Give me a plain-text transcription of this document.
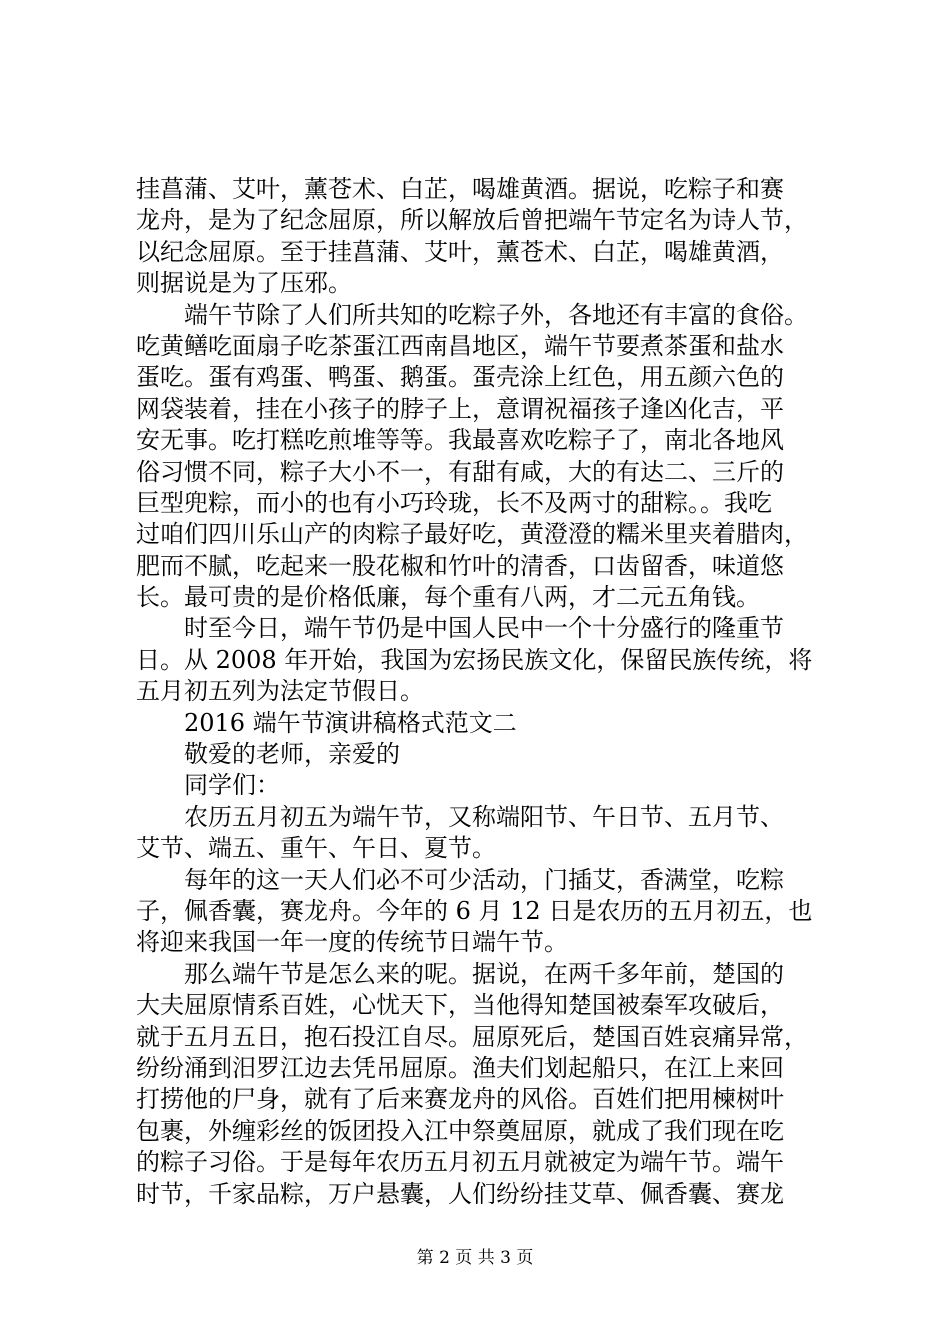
挂菖蒲、艾叶，薰苍术、白芷，喝雄黄酒。据说，吃粽子和赛
龙舟，是为了纪念屈原，所以解放后曾把端午节定名为诗人节，
以纪念屈原。至于挂菖蒲、艾叶，薰苍术、白芷，喝雄黄酒，
则据说是为了压邪。
端午节除了人们所共知的吃粽子外，各地还有丰富的食俗。
吃黄鳝吃面扇子吃茶蛋江西南昌地区，端午节要煮茶蛋和盐水
蛋吃。蛋有鸡蛋、鸭蛋、鹅蛋。蛋壳涂上红色，用五颜六色的
网袋装着，挂在小孩子的脖子上，意谓祝福孩子逢凶化吉，平
安无事。吃打糕吃煎堆等等。我最喜欢吃粽子了，南北各地风
俗习惯不同，粽子大小不一，有甜有咸，大的有达二、三斤的
巨型兜粽，而小的也有小巧玲珑，长不及两寸的甜粽。。我吃
过咱们四川乐山产的肉粽子最好吃，黄澄澄的糯米里夹着腊肉，
肥而不腻，吃起来一股花椒和竹叶的清香，口齿留香，味道悠
长。最可贵的是价格低廉，每个重有八两，才二元五角钱。
时至今日，端午节仍是中国人民中一个十分盛行的隆重节
日。从 2008 年开始，我国为宏扬民族文化，保留民族传统，将
五月初五列为法定节假日。
2016 端午节演讲稿格式范文二
敬爱的老师，亲爱的
同学们：
农历五月初五为端午节，又称端阳节、午日节、五月节、
艾节、端五、重午、午日、夏节。
每年的这一天人们必不可少活动，门插艾，香满堂，吃粽
子，佩香囊，赛龙舟。今年的 6 月 12 日是农历的五月初五，也
将迎来我国一年一度的传统节日端午节。
那么端午节是怎么来的呢。据说，在两千多年前，楚国的
大夫屈原情系百姓，心忧天下，当他得知楚国被秦军攻破后，
就于五月五日，抱石投江自尽。屈原死后，楚国百姓哀痛异常，
纷纷涌到汨罗江边去凭吊屈原。渔夫们划起船只，在江上来回
打捞他的尸身，就有了后来赛龙舟的风俗。百姓们把用楝树叶
包裹，外缠彩丝的饭团投入江中祭奠屈原，就成了我们现在吃
的粽子习俗。于是每年农历五月初五月就被定为端午节。端午
时节，千家品粽，万户悬囊，人们纷纷挂艾草、佩香囊、赛龙
第 2 页 共 3 页
